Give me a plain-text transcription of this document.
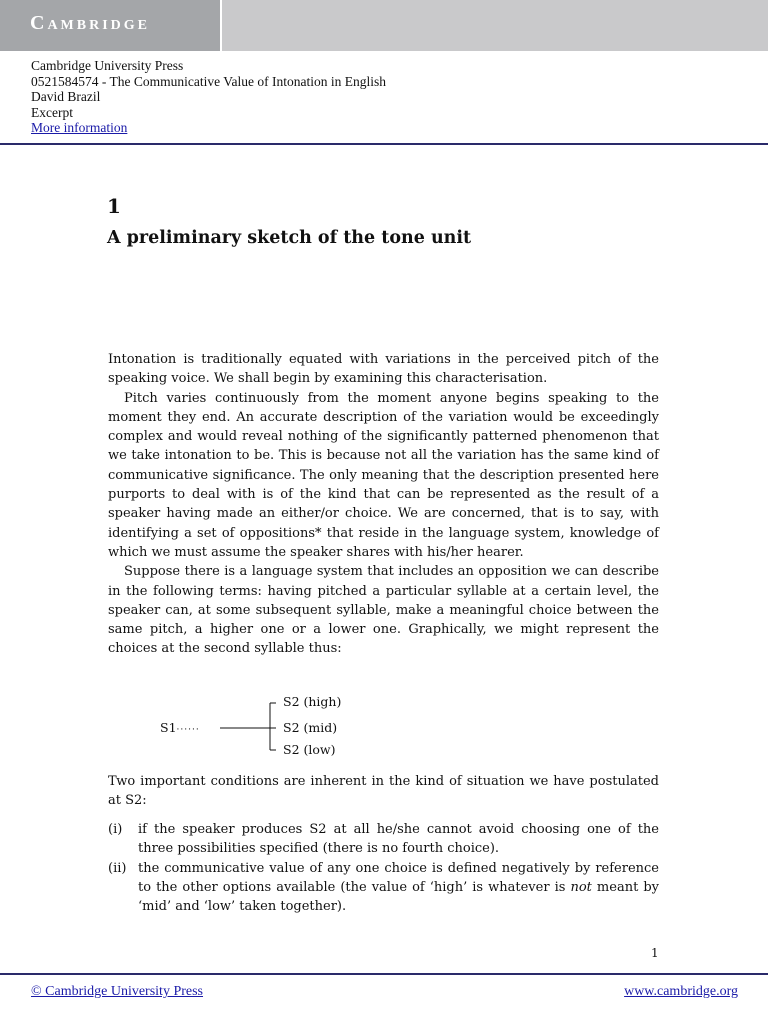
Cambridge
Cambridge University Press
0521584574 - The Communicative Value of Intonation in English
David Brazil
Excerpt
More information
1
A preliminary sketch of the tone unit

Intonation is traditionally equated with variations in the perceived pitch of the speaking voice. We shall begin by examining this characterisation.

Pitch varies continuously from the moment anyone begins speaking to the moment they end. An accurate description of the variation would be exceedingly complex and would reveal nothing of the significantly patterned phenomenon that we take intonation to be. This is because not all the variation has the same kind of communicative significance. The only meaning that the description presented here purports to deal with is of the kind that can be represented as the result of a speaker having made an either/or choice. We are concerned, that is to say, with identifying a set of oppositions* that reside in the language system, knowledge of which we must assume the speaker shares with his/her hearer.

Suppose there is a language system that includes an opposition we can describe in the following terms: having pitched a particular syllable at a certain level, the speaker can, at some subsequent syllable, make a meaningful choice between the same pitch, a higher one or a lower one. Graphically, we might represent the choices at the second syllable thus:

S1······
S2 (high)
S2 (mid)
S2 (low)

Two important conditions are inherent in the kind of situation we have postulated at S2:

(i) if the speaker produces S2 at all he/she cannot avoid choosing one of the three possibilities specified (there is no fourth choice).
(ii) the communicative value of any one choice is defined negatively by reference to the other options available (the value of ‘high’ is whatever is not meant by ‘mid’ and ‘low’ taken together).
1
© Cambridge University Press	www.cambridge.org
